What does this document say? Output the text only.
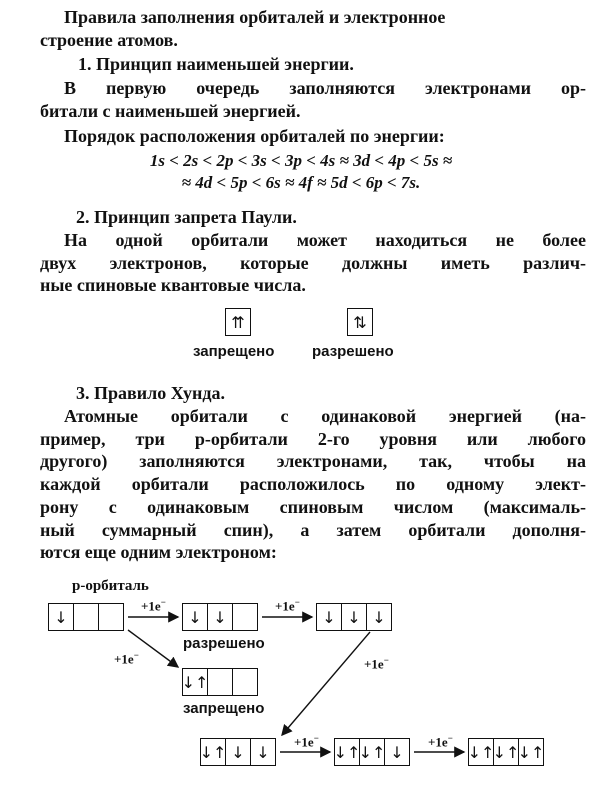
Правила заполнения орбиталей и электронное
строение атомов.
1. Принцип наименьшей энергии.
В первую очередь заполняются электронами ор-
битали с наименьшей энергией.
Порядок расположения орбиталей по энергии:
1s < 2s < 2p < 3s < 3p < 4s ≈ 3d < 4p < 5s ≈
≈ 4d < 5p < 6s ≈ 4f ≈ 5d < 6p < 7s.
2. Принцип запрета Паули.
На одной орбитали может находиться не более
двух электронов, которые должны иметь различ-
ные спиновые квантовые числа.
⇈	⇅
запрещено	разрешено
3. Правило Хунда.
Атомные орбитали с одинаковой энергией (на-
пример, три р-орбитали 2-го уровня или любого
другого) заполняются электронами, так, чтобы на
каждой орбитали расположилось по одному элект-
рону с одинаковым спиновым числом (максималь-
ный суммарный спин), а затем орбитали дополня-
ются еще одним электроном:
р-орбиталь
↓	↓ ↓	↓ ↓ ↓
↓↑
↓↑ ↓ ↓	↓↑
↓↑ ↓	↓↑
↓↑
↓↑
разрешено
запрещено
+1е−	+1е−
+1е−
+1е−
+1е−	+1е−
